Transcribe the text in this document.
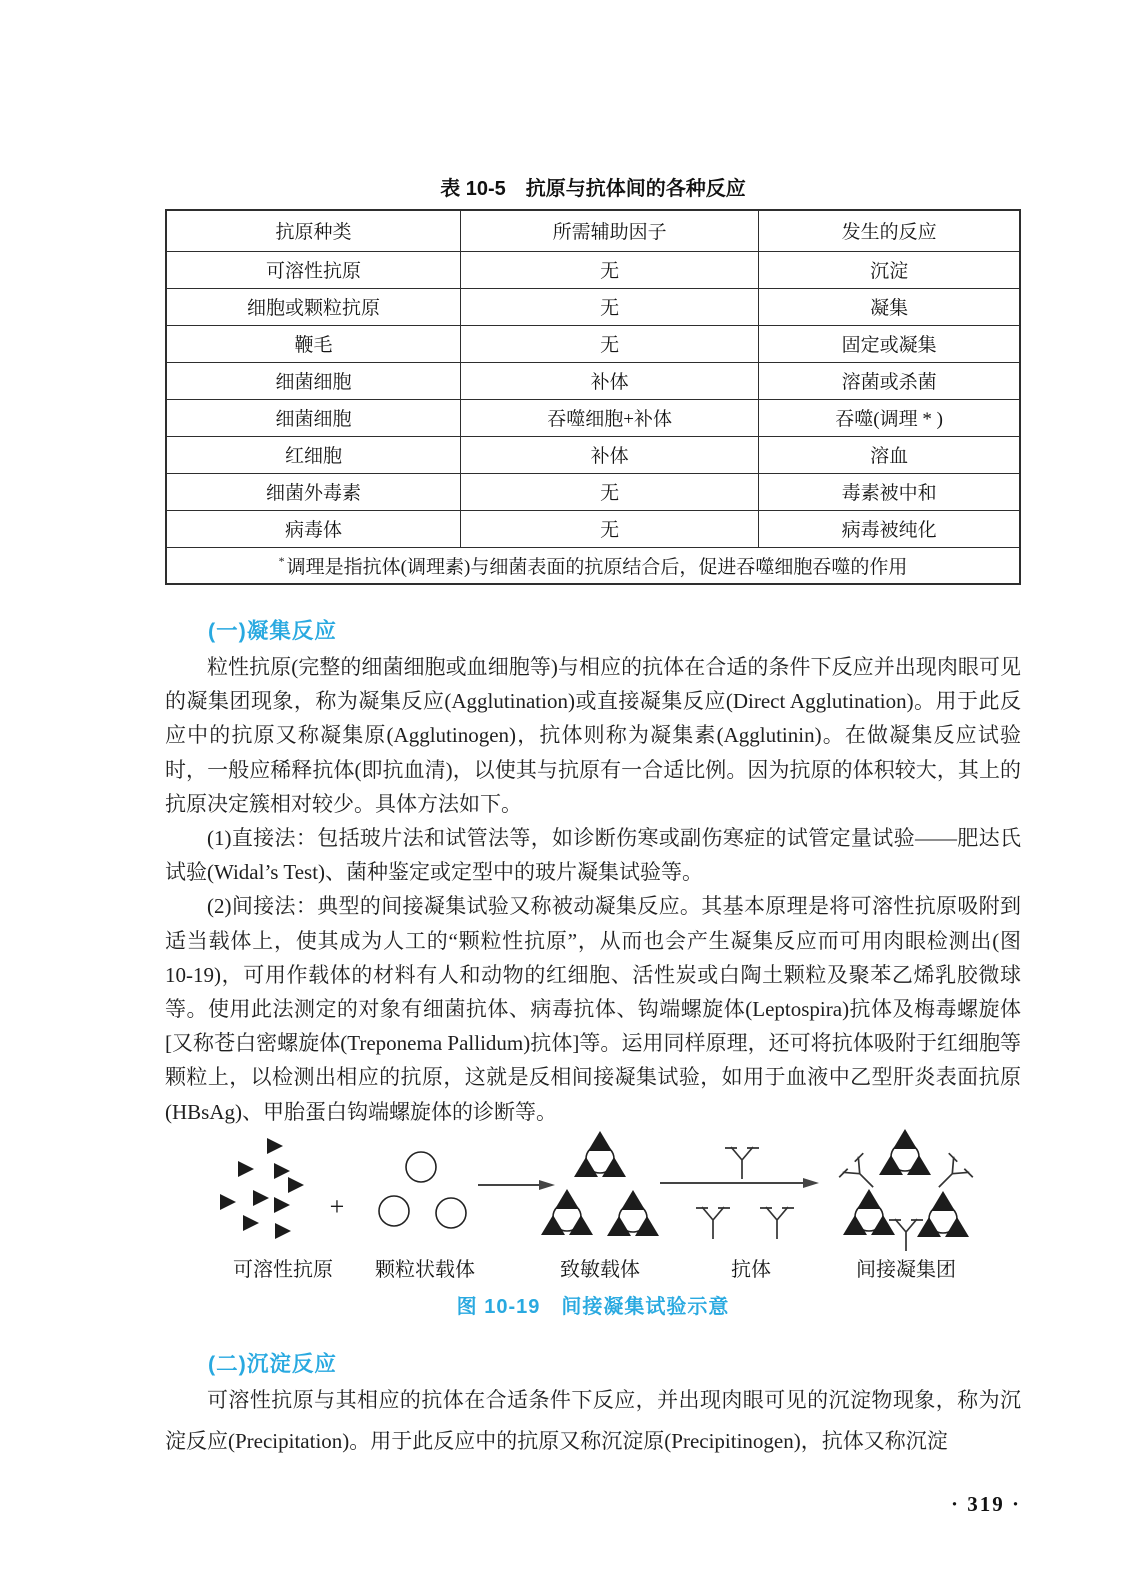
表 10-5　抗原与抗体间的各种反应
抗原种类	所需辅助因子	发生的反应
可溶性抗原	无	沉淀
细胞或颗粒抗原	无	凝集
鞭毛	无	固定或凝集
细菌细胞	补体	溶菌或杀菌
细菌细胞	吞噬细胞+补体	吞噬(调理 * )
红细胞	补体	溶血
细菌外毒素	无	毒素被中和
病毒体	无	病毒被纯化
* 调理是指抗体(调理素)与细菌表面的抗原结合后，促进吞噬细胞吞噬的作用		
(一)凝集反应

粒性抗原(完整的细菌细胞或血细胞等)与相应的抗体在合适的条件下反应并出现肉眼可见的凝集团现象，称为凝集反应(Agglutination)或直接凝集反应(Direct Agglutination)。用于此反应中的抗原又称凝集原(Agglutinogen)，抗体则称为凝集素(Agglutinin)。在做凝集反应试验时，一般应稀释抗体(即抗血清)，以使其与抗原有一合适比例。因为抗原的体积较大，其上的抗原决定簇相对较少。具体方法如下。

(1)直接法：包括玻片法和试管法等，如诊断伤寒或副伤寒症的试管定量试验——肥达氏试验(Widal’s Test)、菌种鉴定或定型中的玻片凝集试验等。

(2)间接法：典型的间接凝集试验又称被动凝集反应。其基本原理是将可溶性抗原吸附到适当载体上，使其成为人工的“颗粒性抗原”，从而也会产生凝集反应而可用肉眼检测出(图 10-19)，可用作载体的材料有人和动物的红细胞、活性炭或白陶土颗粒及聚苯乙烯乳胶微球等。使用此法测定的对象有细菌抗体、病毒抗体、钩端螺旋体(Leptospira)抗体及梅毒螺旋体[又称苍白密螺旋体(Treponema Pallidum)抗体]等。运用同样原理，还可将抗体吸附于红细胞等颗粒上，以检测出相应的抗原，这就是反相间接凝集试验，如用于血液中乙型肝炎表面抗原(HBsAg)、甲胎蛋白钩端螺旋体的诊断等。

+
可溶性抗原 颗粒状载体	致敏载体	抗体	间接凝集团
图 10-19　间接凝集试验示意
(二)沉淀反应

可溶性抗原与其相应的抗体在合适条件下反应，并出现肉眼可见的沉淀物现象，称为沉淀反应(Precipitation)。用于此反应中的抗原又称沉淀原(Precipitinogen)，抗体又称沉淀

· 319 ·
